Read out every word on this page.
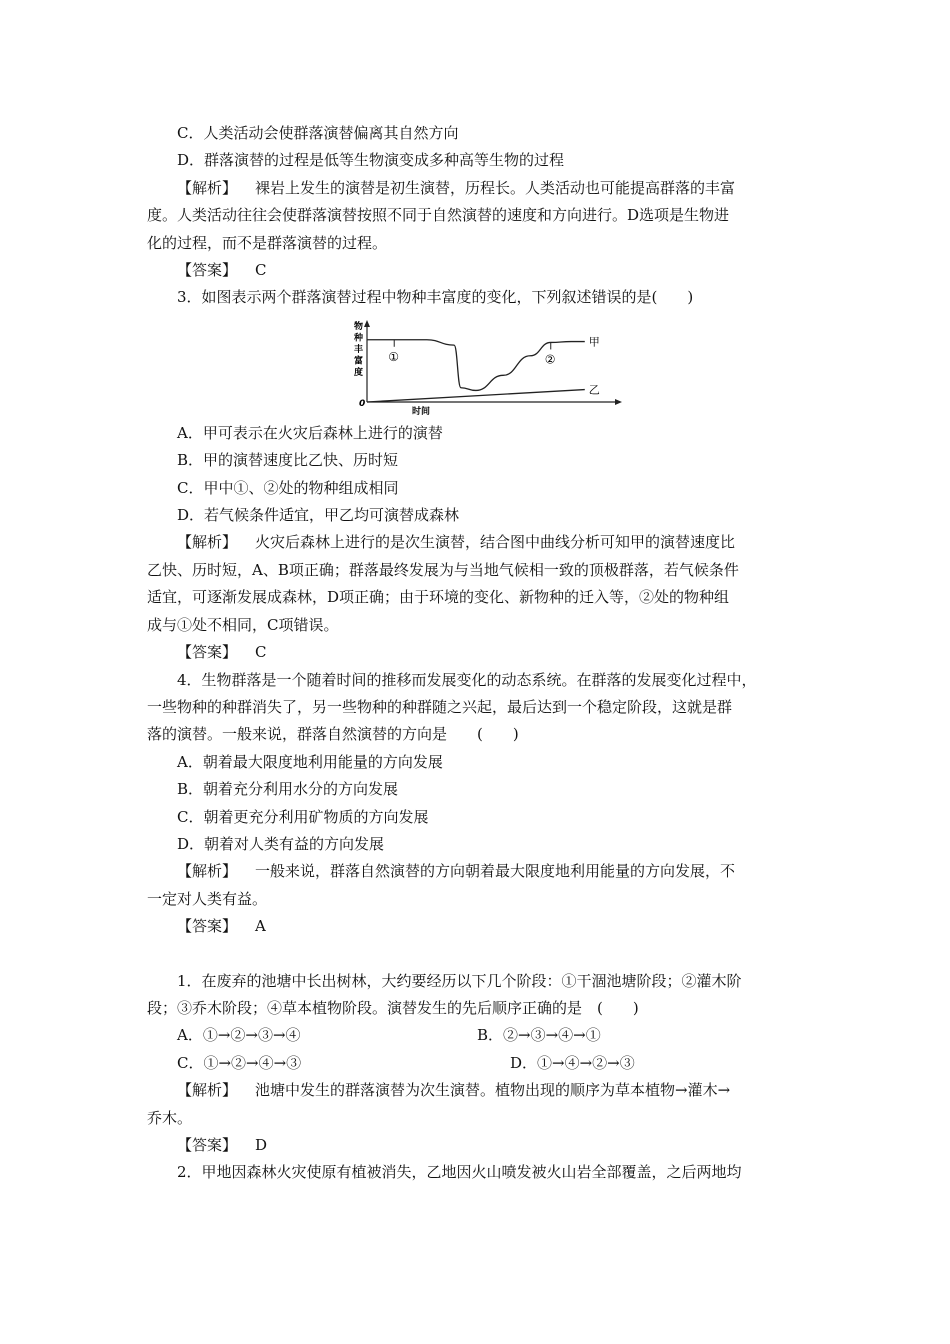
C．人类活动会使群落演替偏离其自然方向
D．群落演替的过程是低等生物演变成多种高等生物的过程
【解析】 裸岩上发生的演替是初生演替，历程长。人类活动也可能提高群落的丰富
度。人类活动往往会使群落演替按照不同于自然演替的速度和方向进行。D选项是生物进
化的过程，而不是群落演替的过程。
【答案】 C
3．如图表示两个群落演替过程中物种丰富度的变化，下列叙述错误的是(　　)
甲
乙
①	②
物
种
丰
富
度
0
时间
A．甲可表示在火灾后森林上进行的演替
B．甲的演替速度比乙快、历时短
C．甲中①、②处的物种组成相同
D．若气候条件适宜，甲乙均可演替成森林
【解析】 火灾后森林上进行的是次生演替，结合图中曲线分析可知甲的演替速度比
乙快、历时短，A、B项正确；群落最终发展为与当地气候相一致的顶极群落，若气候条件
适宜，可逐渐发展成森林，D项正确；由于环境的变化、新物种的迁入等，②处的物种组
成与①处不相同，C项错误。
【答案】 C
4．生物群落是一个随着时间的推移而发展变化的动态系统。在群落的发展变化过程中，
一些物种的种群消失了，另一些物种的种群随之兴起，最后达到一个稳定阶段，这就是群
落的演替。一般来说，群落自然演替的方向是　　(　　)
A．朝着最大限度地利用能量的方向发展
B．朝着充分利用水分的方向发展
C．朝着更充分利用矿物质的方向发展
D．朝着对人类有益的方向发展
【解析】 一般来说，群落自然演替的方向朝着最大限度地利用能量的方向发展，不
一定对人类有益。
【答案】 A
1．在废弃的池塘中长出树林，大约要经历以下几个阶段：①干涸池塘阶段；②灌木阶
段；③乔木阶段；④草本植物阶段。演替发生的先后顺序正确的是　(　　)
A．①→②→③→④	B．②→③→④→①
C．①→②→④→③	D．①→④→②→③
【解析】 池塘中发生的群落演替为次生演替。植物出现的顺序为草本植物→灌木→
乔木。
【答案】 D
2．甲地因森林火灾使原有植被消失，乙地因火山喷发被火山岩全部覆盖，之后两地均
